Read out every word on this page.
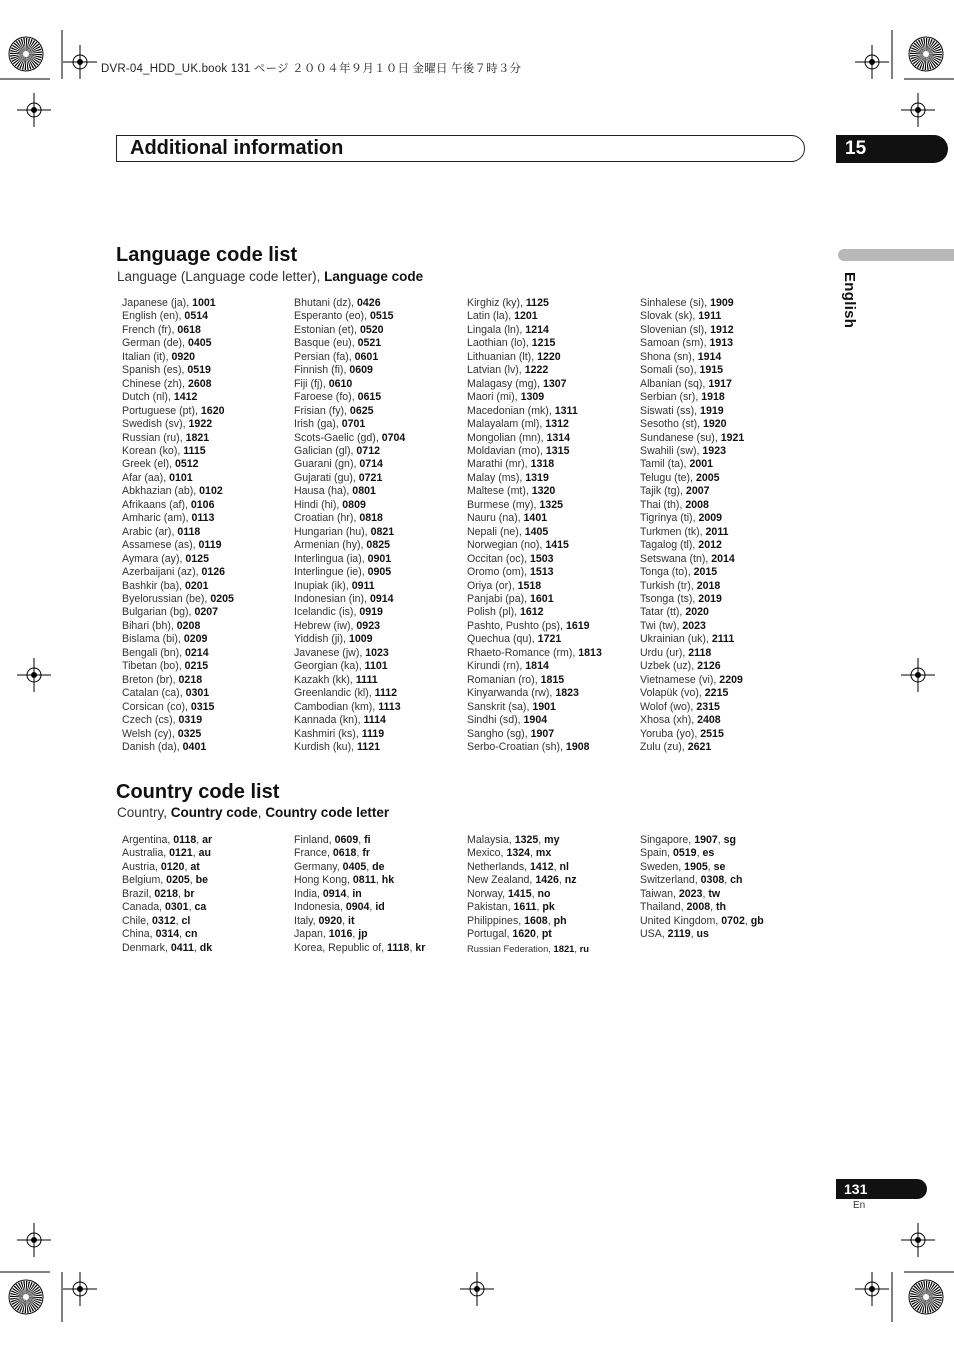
DVR-04_HDD_UK.book 131 ページ ２００４年９月１０日 金曜日 午後７時３分
Additional information	15
English
Language code list
Language (Language code letter), Language code
Japanese (ja), 1001
English (en), 0514
French (fr), 0618
German (de), 0405
Italian (it), 0920
Spanish (es), 0519
Chinese (zh), 2608
Dutch (nl), 1412
Portuguese (pt), 1620
Swedish (sv), 1922
Russian (ru), 1821
Korean (ko), 1115
Greek (el), 0512
Afar (aa), 0101
Abkhazian (ab), 0102
Afrikaans (af), 0106
Amharic (am), 0113
Arabic (ar), 0118
Assamese (as), 0119
Aymara (ay), 0125
Azerbaijani (az), 0126
Bashkir (ba), 0201
Byelorussian (be), 0205
Bulgarian (bg), 0207
Bihari (bh), 0208
Bislama (bi), 0209
Bengali (bn), 0214
Tibetan (bo), 0215
Breton (br), 0218
Catalan (ca), 0301
Corsican (co), 0315
Czech (cs), 0319
Welsh (cy), 0325
Danish (da), 0401
Bhutani (dz), 0426
Esperanto (eo), 0515
Estonian (et), 0520
Basque (eu), 0521
Persian (fa), 0601
Finnish (fi), 0609
Fiji (fj), 0610
Faroese (fo), 0615
Frisian (fy), 0625
Irish (ga), 0701
Scots-Gaelic (gd), 0704
Galician (gl), 0712
Guarani (gn), 0714
Gujarati (gu), 0721
Hausa (ha), 0801
Hindi (hi), 0809
Croatian (hr), 0818
Hungarian (hu), 0821
Armenian (hy), 0825
Interlingua (ia), 0901
Interlingue (ie), 0905
Inupiak (ik), 0911
Indonesian (in), 0914
Icelandic (is), 0919
Hebrew (iw), 0923
Yiddish (ji), 1009
Javanese (jw), 1023
Georgian (ka), 1101
Kazakh (kk), 1111
Greenlandic (kl), 1112
Cambodian (km), 1113
Kannada (kn), 1114
Kashmiri (ks), 1119
Kurdish (ku), 1121
Kirghiz (ky), 1125
Latin (la), 1201
Lingala (ln), 1214
Laothian (lo), 1215
Lithuanian (lt), 1220
Latvian (lv), 1222
Malagasy (mg), 1307
Maori (mi), 1309
Macedonian (mk), 1311
Malayalam (ml), 1312
Mongolian (mn), 1314
Moldavian (mo), 1315
Marathi (mr), 1318
Malay (ms), 1319
Maltese (mt), 1320
Burmese (my), 1325
Nauru (na), 1401
Nepali (ne), 1405
Norwegian (no), 1415
Occitan (oc), 1503
Oromo (om), 1513
Oriya (or), 1518
Panjabi (pa), 1601
Polish (pl), 1612
Pashto, Pushto (ps), 1619
Quechua (qu), 1721
Rhaeto-Romance (rm), 1813
Kirundi (rn), 1814
Romanian (ro), 1815
Kinyarwanda (rw), 1823
Sanskrit (sa), 1901
Sindhi (sd), 1904
Sangho (sg), 1907
Serbo-Croatian (sh), 1908
Sinhalese (si), 1909
Slovak (sk), 1911
Slovenian (sl), 1912
Samoan (sm), 1913
Shona (sn), 1914
Somali (so), 1915
Albanian (sq), 1917
Serbian (sr), 1918
Siswati (ss), 1919
Sesotho (st), 1920
Sundanese (su), 1921
Swahili (sw), 1923
Tamil (ta), 2001
Telugu (te), 2005
Tajik (tg), 2007
Thai (th), 2008
Tigrinya (ti), 2009
Turkmen (tk), 2011
Tagalog (tl), 2012
Setswana (tn), 2014
Tonga (to), 2015
Turkish (tr), 2018
Tsonga (ts), 2019
Tatar (tt), 2020
Twi (tw), 2023
Ukrainian (uk), 2111
Urdu (ur), 2118
Uzbek (uz), 2126
Vietnamese (vi), 2209
Volapük (vo), 2215
Wolof (wo), 2315
Xhosa (xh), 2408
Yoruba (yo), 2515
Zulu (zu), 2621
Country code list
Country, Country code, Country code letter
Argentina, 0118, ar
Australia, 0121, au
Austria, 0120, at
Belgium, 0205, be
Brazil, 0218, br
Canada, 0301, ca
Chile, 0312, cl
China, 0314, cn
Denmark, 0411, dk
Finland, 0609, fi
France, 0618, fr
Germany, 0405, de
Hong Kong, 0811, hk
India, 0914, in
Indonesia, 0904, id
Italy, 0920, it
Japan, 1016, jp
Korea, Republic of, 1118, kr
Malaysia, 1325, my
Mexico, 1324, mx
Netherlands, 1412, nl
New Zealand, 1426, nz
Norway, 1415, no
Pakistan, 1611, pk
Philippines, 1608, ph
Portugal, 1620, pt
Russian Federation, 1821, ru
Singapore, 1907, sg
Spain, 0519, es
Sweden, 1905, se
Switzerland, 0308, ch
Taiwan, 2023, tw
Thailand, 2008, th
United Kingdom, 0702, gb
USA, 2119, us
131
En
